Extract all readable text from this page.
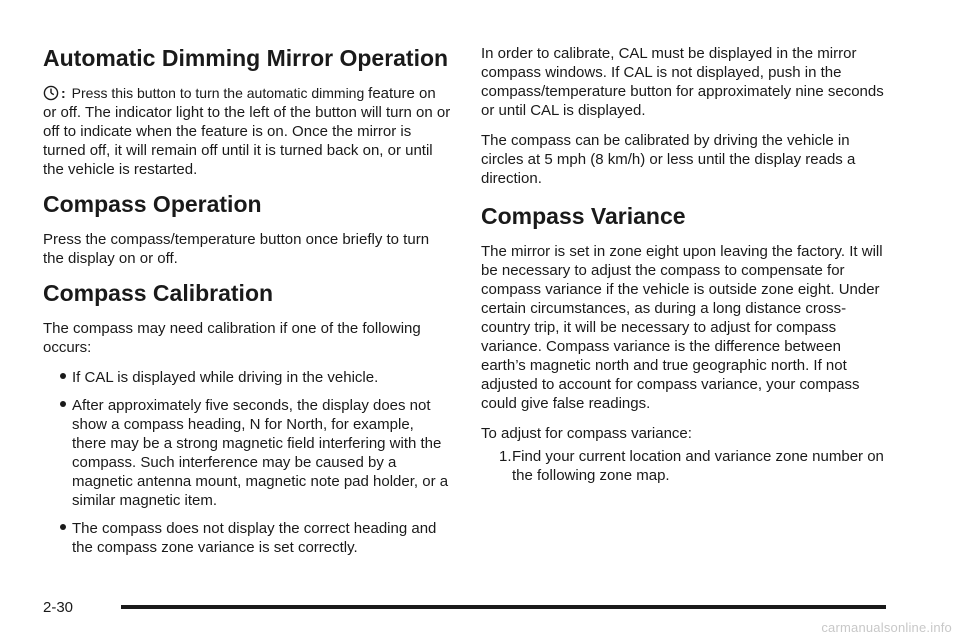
Automatic Dimming Mirror Operation

: Press this button to turn the automatic dimming feature on or off. The indicator light to the left of the button will turn on or off to indicate when the feature is on. Once the mirror is turned off, it will remain off until it is turned back on, or until the vehicle is restarted.

Compass Operation

Press the compass/temperature button once briefly to turn the display on or off.

Compass Calibration

The compass may need calibration if one of the following occurs:

If CAL is displayed while driving in the vehicle.
After approximately five seconds, the display does not show a compass heading, N for North, for example, there may be a strong magnetic field interfering with the compass. Such interference may be caused by a magnetic antenna mount, magnetic note pad holder, or a similar magnetic item.
The compass does not display the correct heading and the compass zone variance is set correctly.

In order to calibrate, CAL must be displayed in the mirror compass windows. If CAL is not displayed, push in the compass/temperature button for approximately nine seconds or until CAL is displayed.

The compass can be calibrated by driving the vehicle in circles at 5 mph (8 km/h) or less until the display reads a direction.

Compass Variance

The mirror is set in zone eight upon leaving the factory. It will be necessary to adjust the compass to compensate for compass variance if the vehicle is outside zone eight. Under certain circumstances, as during a long distance cross-country trip, it will be necessary to adjust for compass variance. Compass variance is the difference between earth’s magnetic north and true geographic north. If not adjusted to account for compass variance, your compass could give false readings.

To adjust for compass variance:

1. Find your current location and variance zone number on the following zone map.
2-30
carmanualsonline.info
